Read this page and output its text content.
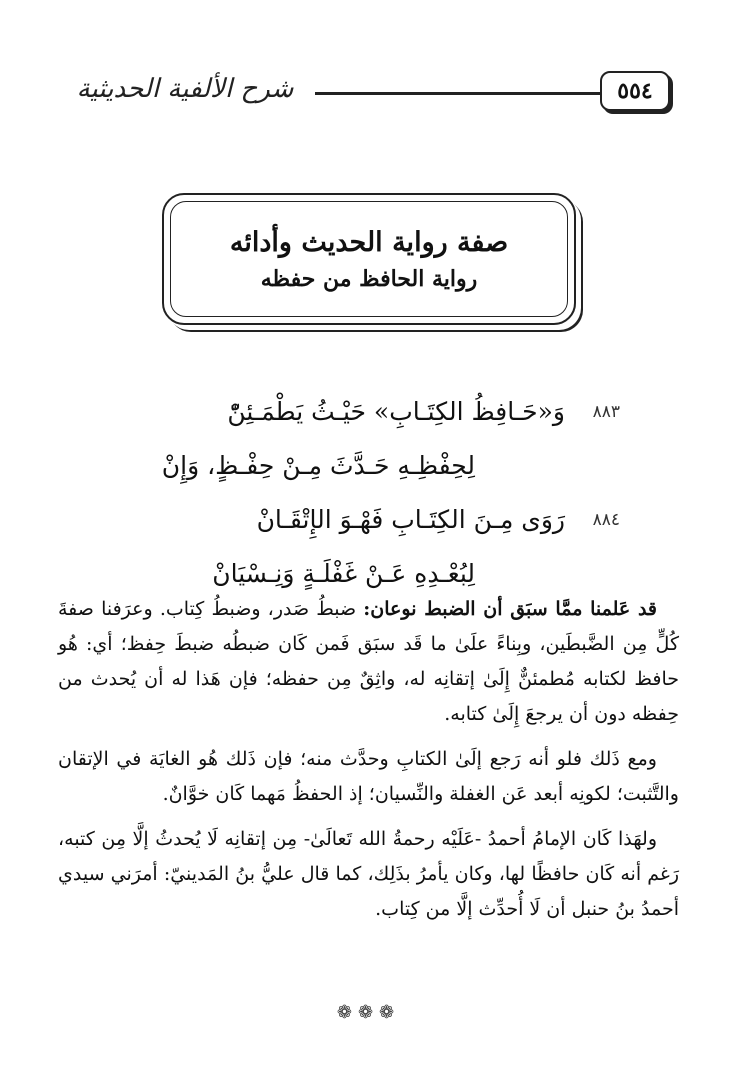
شرح الألفية الحديثية	٥٥٤
صفة رواية الحديث وأدائه
رواية الحافظ من حفظه
٨٨٣
وَ«حَـافِظُ الكِتَـابِ» حَيْـثُ يَطْمَـئِنّْ
لِحِفْظِـهِ حَـدَّثَ مِـنْ حِفْـظٍ، وَإِنْ
٨٨٤
رَوَى مِـنَ الكِتَـابِ فَهْـوَ الإِتْقَـانْ
لِبُعْـدِهِ عَـنْ غَفْلَـةٍ وَنِـسْيَانْ

قد عَلمنا ممَّا سبَق أن الضبط نوعان: ضبطُ صَدر، وضبطُ كِتاب. وعرَفنا صفةَ كُلٍّ مِن الضَّبطَين، وبِناءً علَىٰ ما قَد سبَق فَمن كَان ضبطُه ضبطَ حِفظ؛ أي: هُو حافظ لكتابه مُطمئنٌّ إِلَىٰ إتقانِه له، واثِقٌ مِن حفظه؛ فإن هَذا له أن يُحدث من حِفظه دون أن يرجعَ إِلَىٰ كتابه.

ومع ذَلك فلو أنه رَجع إلَىٰ الكتابِ وحدَّث منه؛ فإن ذَلك هُو الغايَة في الإتقان والتَّثبت؛ لكونِه أبعد عَن الغفلة والنِّسيان؛ إذ الحفظُ مَهما كَان خوَّانٌ.

ولهَذا كَان الإمامُ أحمدُ -عَلَيْه رحمةُ الله تَعالَىٰ- مِن إتقانِه لَا يُحدثُ إلَّا مِن كتبه، رَغم أنه كَان حافظًا لها، وكان يأمرُ بذَلِك، كما قال عليُّ بنُ المَدينيّ: أمرَني سيدي أحمدُ بنُ حنبل أن لَا أُحدِّث إلَّا من كِتاب.

❁❁❁
